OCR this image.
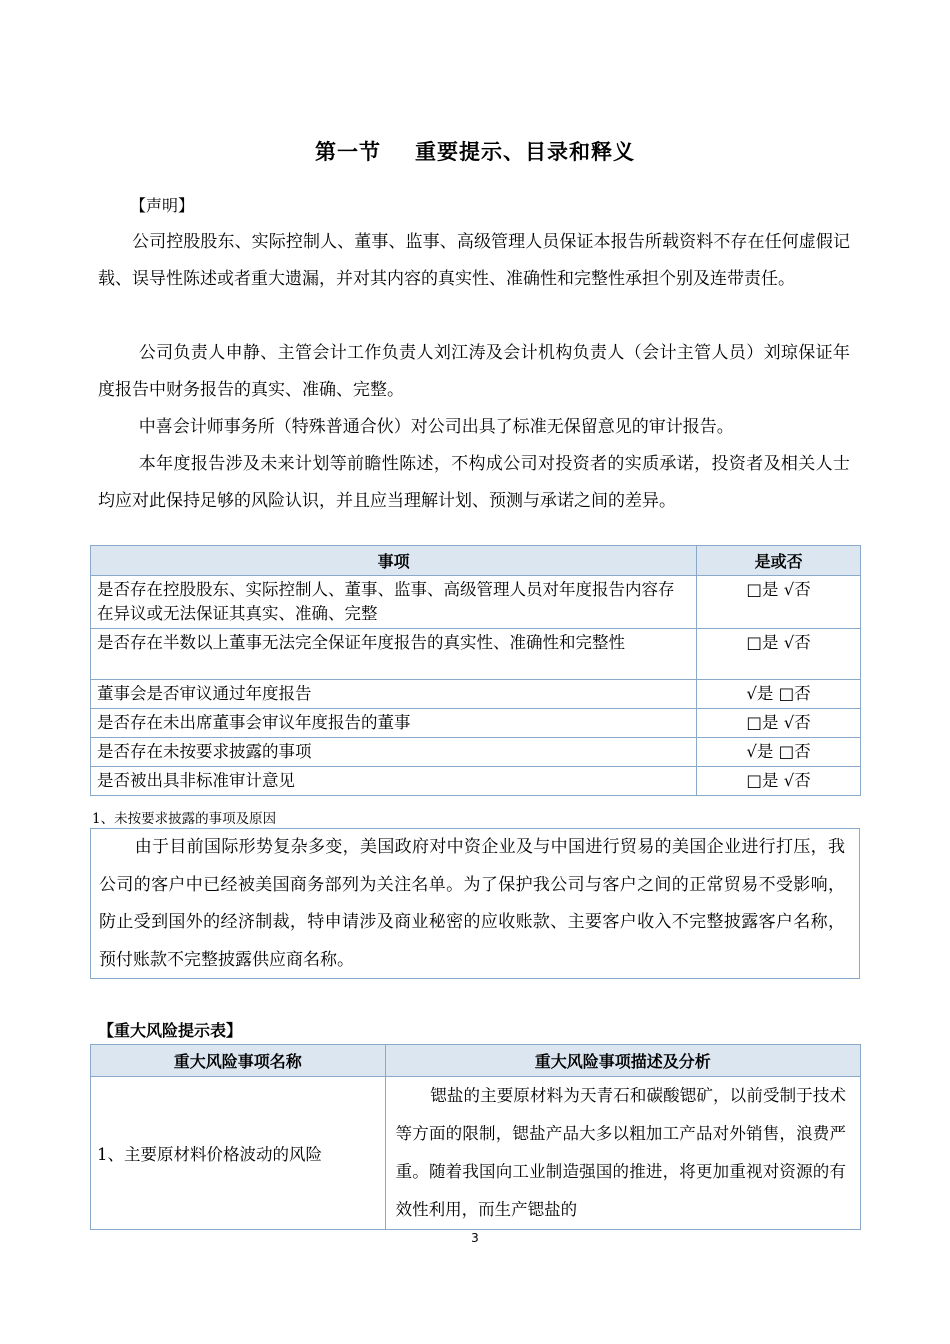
第一节 重要提示、目录和释义
【声明】
公司控股股东、实际控制人、董事、监事、高级管理人员保证本报告所载资料不存在任何虚假记载、误导性陈述或者重大遗漏，并对其内容的真实性、准确性和完整性承担个别及连带责任。
公司负责人申静、主管会计工作负责人刘江涛及会计机构负责人（会计主管人员）刘琼保证年度报告中财务报告的真实、准确、完整。
中喜会计师事务所（特殊普通合伙）对公司出具了标准无保留意见的审计报告。
本年度报告涉及未来计划等前瞻性陈述，不构成公司对投资者的实质承诺，投资者及相关人士均应对此保持足够的风险认识，并且应当理解计划、预测与承诺之间的差异。
事项	是或否
是否存在控股股东、实际控制人、董事、监事、高级管理人员对年度报告内容存在异议或无法保证其真实、准确、完整	□是 √否
是否存在半数以上董事无法完全保证年度报告的真实性、准确性和完整性	□是 √否
董事会是否审议通过年度报告	√是 □否
是否存在未出席董事会审议年度报告的董事	□是 √否
是否存在未按要求披露的事项	√是 □否
是否被出具非标准审计意见	□是 √否
1、未按要求披露的事项及原因

由于目前国际形势复杂多变，美国政府对中资企业及与中国进行贸易的美国企业进行打压，我公司的客户中已经被美国商务部列为关注名单。为了保护我公司与客户之间的正常贸易不受影响，防止受到国外的经济制裁，特申请涉及商业秘密的应收账款、主要客户收入不完整披露客户名称，预付账款不完整披露供应商名称。

【重大风险提示表】
重大风险事项名称	重大风险事项描述及分析
1、主要原材料价格波动的风险	锶盐的主要原材料为天青石和碳酸锶矿，以前受制于技术等方面的限制，锶盐产品大多以粗加工产品对外销售，浪费严重。随着我国向工业制造强国的推进，将更加重视对资源的有效性利用，而生产锶盐的

3
